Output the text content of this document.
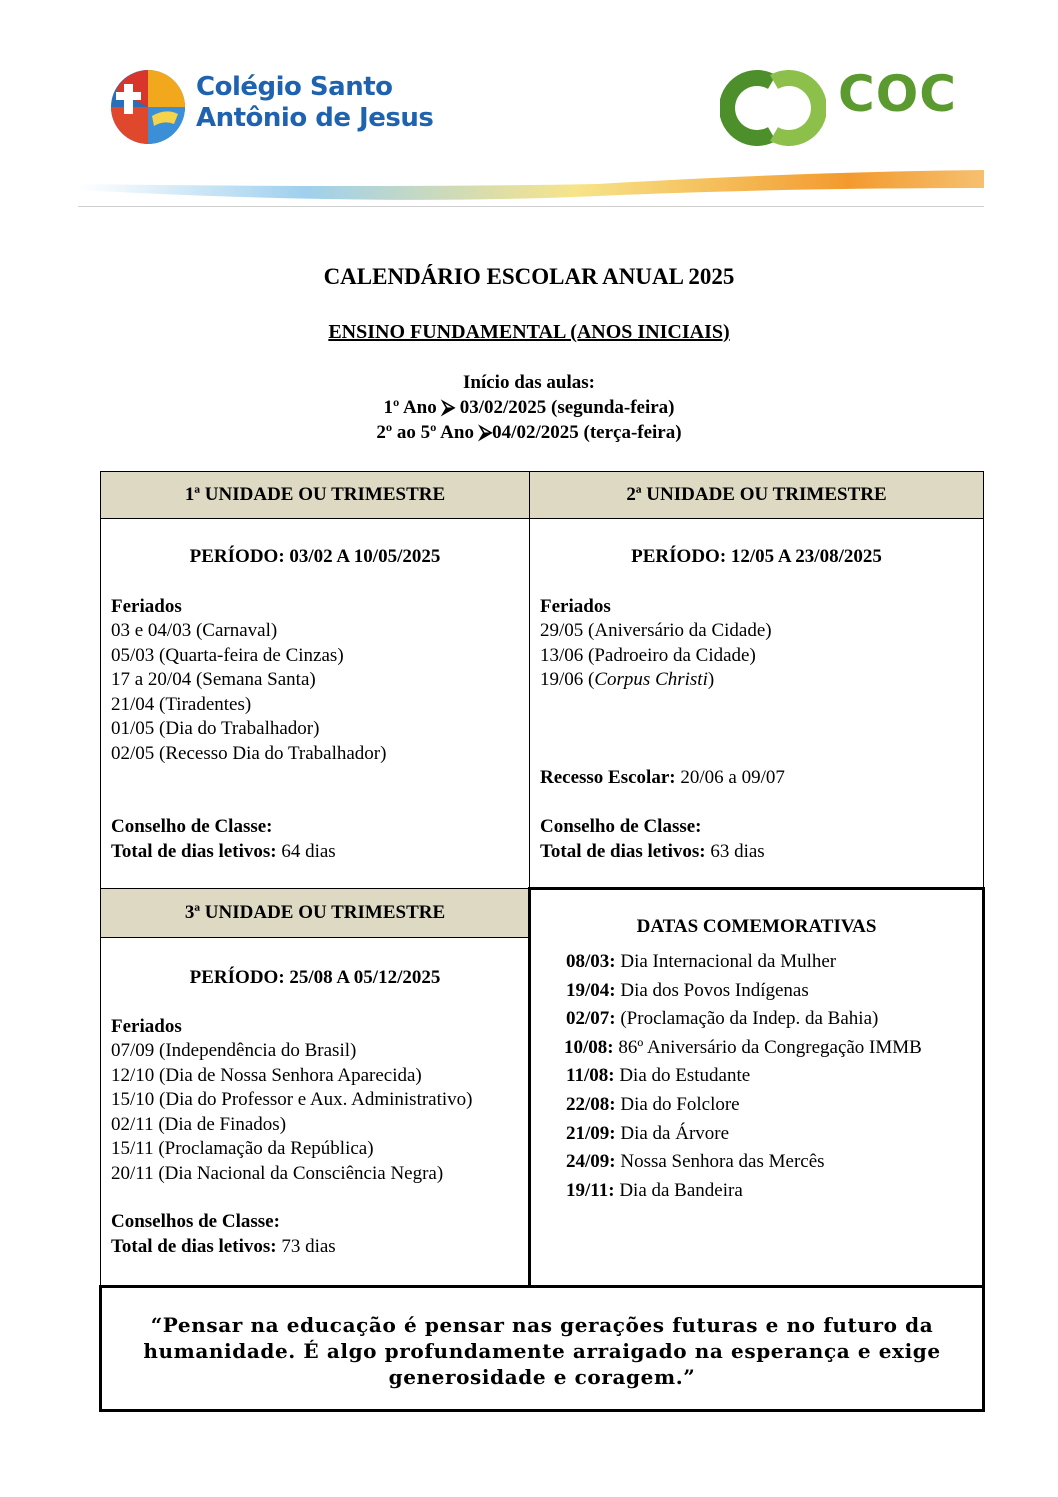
Colégio Santo
Antônio de Jesus	COC
CALENDÁRIO ESCOLAR ANUAL 2025
ENSINO FUNDAMENTAL (ANOS INICIAIS)
Início das aulas:
1º Ano ⮚ 03/02/2025 (segunda-feira)
2º ao 5º Ano ⮚04/02/2025 (terça-feira)
1ª UNIDADE OU TRIMESTRE
PERÍODO: 03/02 A 10/05/2025
Feriados
03 e 04/03 (Carnaval)
05/03 (Quarta-feira de Cinzas)
17 a 20/04 (Semana Santa)
21/04 (Tiradentes)
01/05 (Dia do Trabalhador)
02/05 (Recesso Dia do Trabalhador)
Conselho de Classe:
Total de dias letivos: 64 dias
2ª UNIDADE OU TRIMESTRE
PERÍODO: 12/05 A 23/08/2025
Feriados
29/05 (Aniversário da Cidade)
13/06 (Padroeiro da Cidade)
19/06 (Corpus Christi)
Recesso Escolar: 20/06 a 09/07
Conselho de Classe:
Total de dias letivos: 63 dias
3ª UNIDADE OU TRIMESTRE
PERÍODO: 25/08 A 05/12/2025
Feriados
07/09 (Independência do Brasil)
12/10 (Dia de Nossa Senhora Aparecida)
15/10 (Dia do Professor e Aux. Administrativo)
02/11 (Dia de Finados)
15/11 (Proclamação da República)
20/11 (Dia Nacional da Consciência Negra)
Conselhos de Classe:
Total de dias letivos: 73 dias
DATAS COMEMORATIVAS
08/03: Dia Internacional da Mulher
19/04: Dia dos Povos Indígenas
02/07: (Proclamação da Indep. da Bahia)
10/08: 86º Aniversário da Congregação IMMB
11/08: Dia do Estudante
22/08: Dia do Folclore
21/09: Dia da Árvore
24/09: Nossa Senhora das Mercês
19/11: Dia da Bandeira
“Pensar na educação é pensar nas gerações futuras e no futuro da
humanidade. É algo profundamente arraigado na esperança e exige
generosidade e coragem.”
